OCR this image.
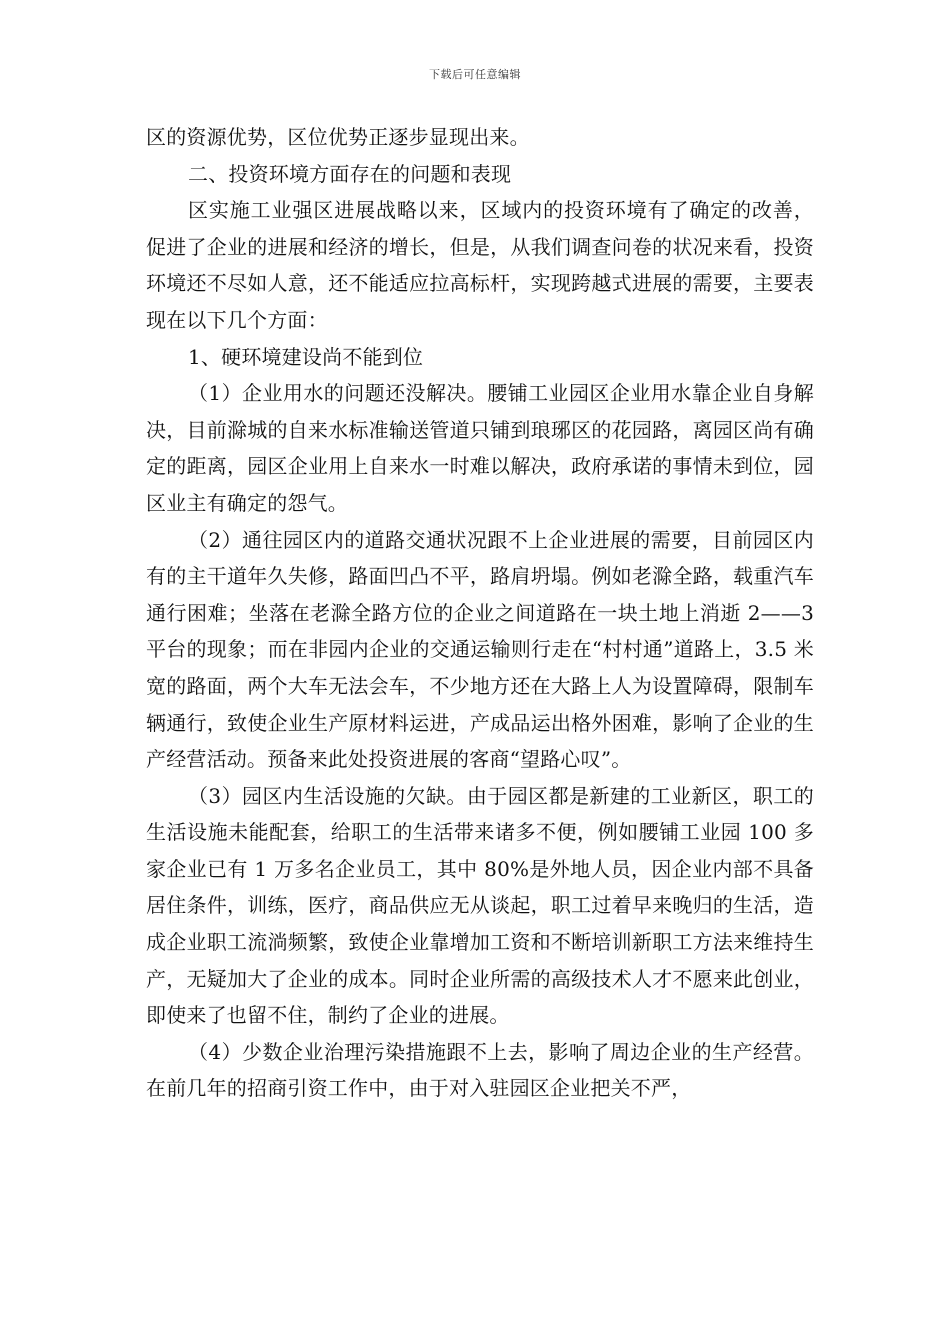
下载后可任意编辑

区的资源优势，区位优势正逐步显现出来。

二、投资环境方面存在的问题和表现

区实施工业强区进展战略以来，区域内的投资环境有了确定的改善，促进了企业的进展和经济的增长，但是，从我们调查问卷的状况来看，投资环境还不尽如人意，还不能适应拉高标杆，实现跨越式进展的需要，主要表现在以下几个方面：

1、硬环境建设尚不能到位

（1）企业用水的问题还没解决。腰铺工业园区企业用水靠企业自身解决，目前滁城的自来水标准输送管道只铺到琅琊区的花园路，离园区尚有确定的距离，园区企业用上自来水一时难以解决，政府承诺的事情未到位，园区业主有确定的怨气。

（2）通往园区内的道路交通状况跟不上企业进展的需要，目前园区内有的主干道年久失修，路面凹凸不平，路肩坍塌。例如老滁全路，载重汽车通行困难；坐落在老滁全路方位的企业之间道路在一块土地上消逝 2——3 平台的现象；而在非园内企业的交通运输则行走在“村村通”道路上，3.5 米宽的路面，两个大车无法会车，不少地方还在大路上人为设置障碍，限制车辆通行，致使企业生产原材料运进，产成品运出格外困难，影响了企业的生产经营活动。预备来此处投资进展的客商“望路心叹”。

（3）园区内生活设施的欠缺。由于园区都是新建的工业新区，职工的生活设施未能配套，给职工的生活带来诸多不便，例如腰铺工业园 100 多家企业已有 1 万多名企业员工，其中 80%是外地人员，因企业内部不具备居住条件，训练，医疗，商品供应无从谈起，职工过着早来晚归的生活，造成企业职工流淌频繁，致使企业靠增加工资和不断培训新职工方法来维持生产，无疑加大了企业的成本。同时企业所需的高级技术人才不愿来此创业，即使来了也留不住，制约了企业的进展。

（4）少数企业治理污染措施跟不上去，影响了周边企业的生产经营。在前几年的招商引资工作中，由于对入驻园区企业把关不严，
